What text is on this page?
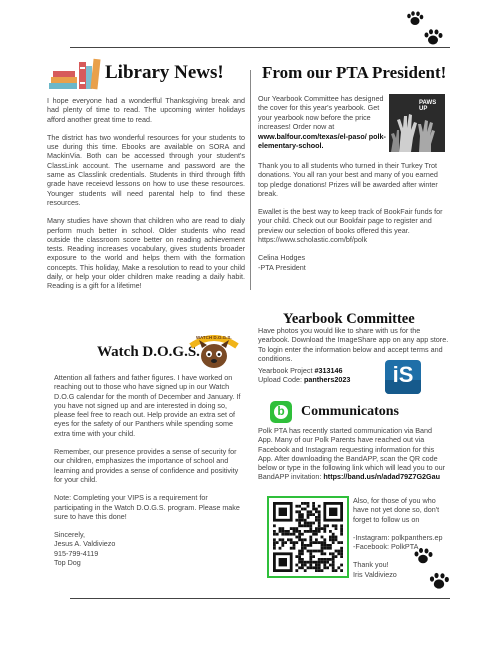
Library News!

I hope everyone had a wonderfful Thanksgiving break and had plenty of time to read. The upcoming winter holidays afford another great time to read.

The district has two wonderful resources for your students to use during this time. Ebooks are available on SORA and MackinVia. Both can be accessed through your student's ClassLink account. The username and password are the same as Classlink credentials. Students in third through fifth grade have receievd lessons on how to use these resources. Younger students will need parental help to find these resources.

Many studies have shown that children who are read to dialy perform much better in school. Older students who read outside the classroom score better on reading achievement tests. Reading increases vocabulary, gives students broader exposure to the world and helps them with the formation concepts. This holiday, Make a resolution to read to your child daily, or help your older children make reading a daily habit. Reading is a gift for a lifetime!

From our PTA President!
PAWS UP
Our Yearbook Committee has designed the cover for this year's yearbook. Get your yearbook now before the price increases! Order now at
www.balfour.com/texas/el-paso/ polk-elementary-school.

Thank you to all students who turned in their Turkey Trot donations. You all ran your best and many of you earned top pledge donations! Prizes will be awarded after winter break.

Ewallet is the best way to keep track of BookFair funds for your child. Check out our Bookfair page to register and preview our selection of books offered this year. https://www.scholastic.com/bf/polk

Celina Hodges

-PTA President

Watch D.O.G.S.
WATCH D.O.G.S.

Attention all fathers and father figures. I have worked on reaching out to those who have signed up in our Watch D.O.G calendar for the month of December and January. If you have not signed up and are interested in doing so, please feel free to reach out. Help provide an extra set of eyes for the safety of our Panthers while spending some extra time with your child.

Remember, our presence provides a sense of security for our children, emphasizes the importance of school and learning and provides a sense of confidence and positivity for your child.

Note: Completing your VIPS is a requirement for participating in the Watch D.O.G.S. program. Please make sure to have this done!

Sincerely,

Jesus A. Valdiviezo

915-799-4119

Top Dog

Yearbook Committee

Have photos you would like to share with us for the yearbook. Download the ImageShare app on any app store. To login enter the information below and accept terms and conditions.

Yearbook Project #313146
Upload Code: panthers2023	iS
b	Communicatons
Polk PTA has recently started communication via Band App. Many of our Polk Parents have reached out via Facebook and Instagram requesting information for this App. After downloading the BandAPP, scan the QR code below or type in the following link which will lead you to our BandAPP invitation: https://band.us/n/adad79Z7G2Gau

Also, for those of you who have not yet done so, don't forget to follow us on

-Instagram: polkpanthers.ep

-Facebook: PolkPTA

Thank you!

Iris Valdiviezo
